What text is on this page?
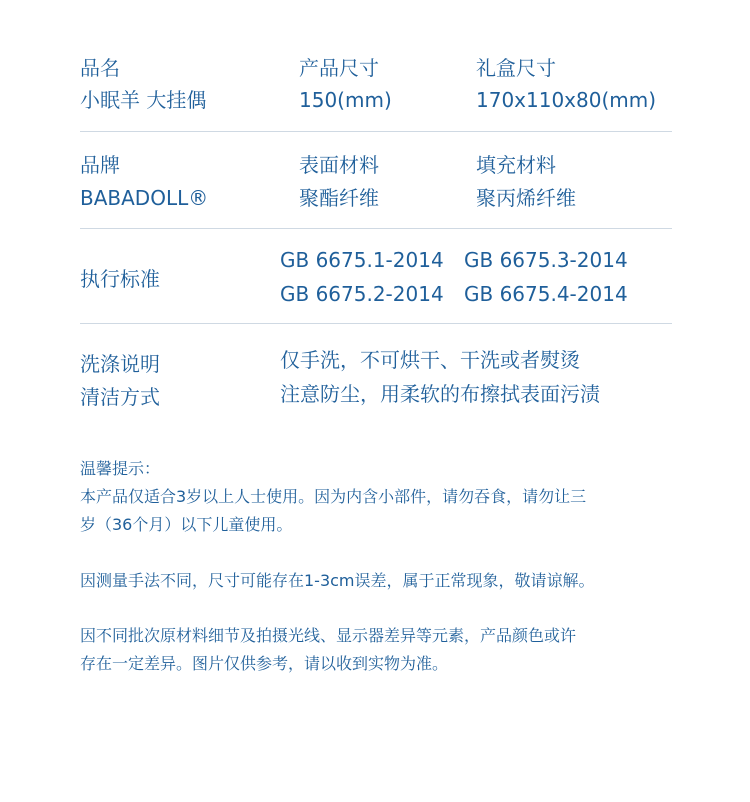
品名
小眠羊 大挂偶
产品尺寸
150(mm)
礼盒尺寸
170x110x80(mm)
品牌
BABADOLL®
表面材料
聚酯纤维
填充材料
聚丙烯纤维
执行标准
GB 6675.1-2014 GB 6675.3-2014
GB 6675.2-2014 GB 6675.4-2014
洗涤说明
清洁方式
仅手洗，不可烘干、干洗或者熨烫
注意防尘，用柔软的布擦拭表面污渍
温馨提示：
本产品仅适合3岁以上人士使用。因为内含小部件，请勿吞食，请勿让三
岁（36个月）以下儿童使用。
因测量手法不同，尺寸可能存在1-3cm误差，属于正常现象，敬请谅解。
因不同批次原材料细节及拍摄光线、显示器差异等元素，产品颜色或许
存在一定差异。图片仅供参考，请以收到实物为准。
